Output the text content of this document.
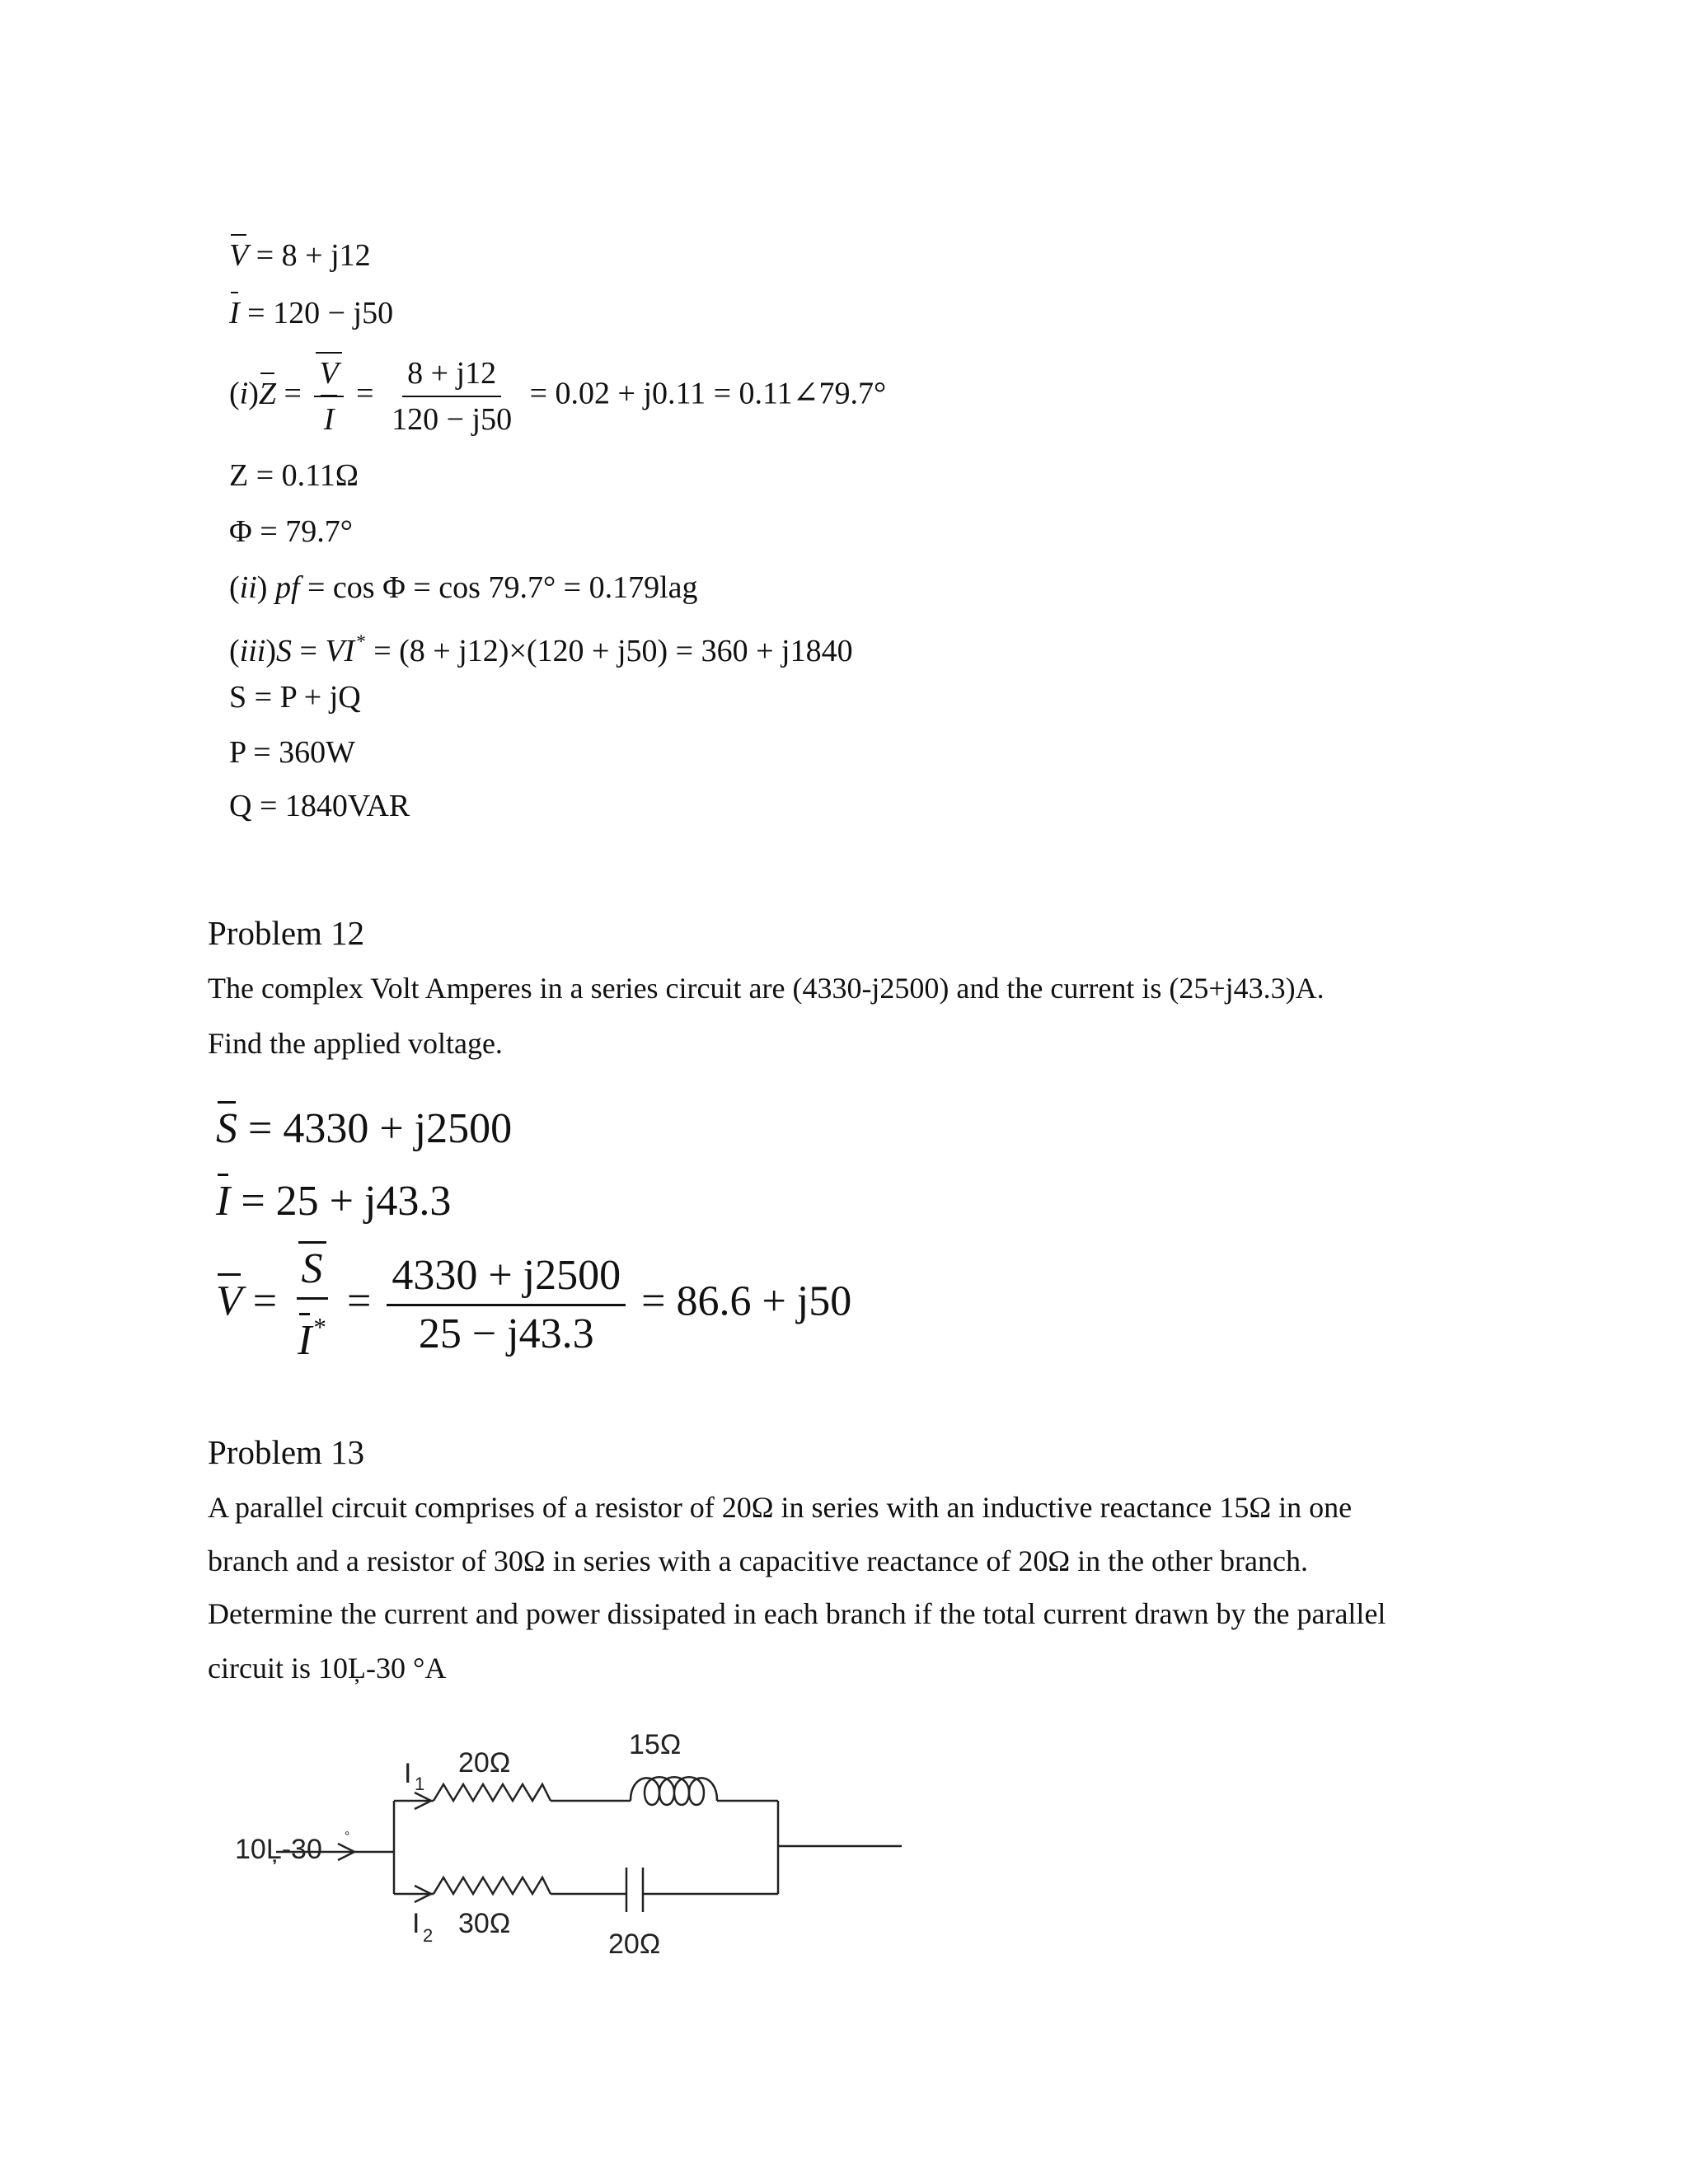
V = 8 + j12
I = 120 − j50
$(i)Z = \frac{V}{I} = \frac{8 + j12}{120 - j50} = 0.02 + j0.11$ = 0.11∠79.7°
Z = 0.11Ω
Φ = 79.7°
(ii) pf = cos Φ = cos 79.7° = 0.179lag
(iii)S = VI* = (8 + j12)×(120 + j50) = 360 + j1840
S = P + jQ
P = 360W
Q = 1840VAR
Problem 12
The complex Volt Amperes in a series circuit are (4330-j2500) and the current is (25+j43.3)A.
Find the applied voltage.
S = 4330 + j2500
I = 25 + j43.3
$V = \frac{S}{I^*} = \frac{4330 + j2500}{25 - j43.3} = 86.6 + j50$
Problem 13
A parallel circuit comprises of a resistor of 20Ω in series with an inductive reactance 15Ω in one
branch and a resistor of 30Ω in series with a capacitive reactance of 20Ω in the other branch.
Determine the current and power dissipated in each branch if the total current drawn by the parallel
circuit is 10Ļ-30 °A
10Ļ-30 °
I 1
20Ω
15Ω
I 2 30Ω
20Ω
